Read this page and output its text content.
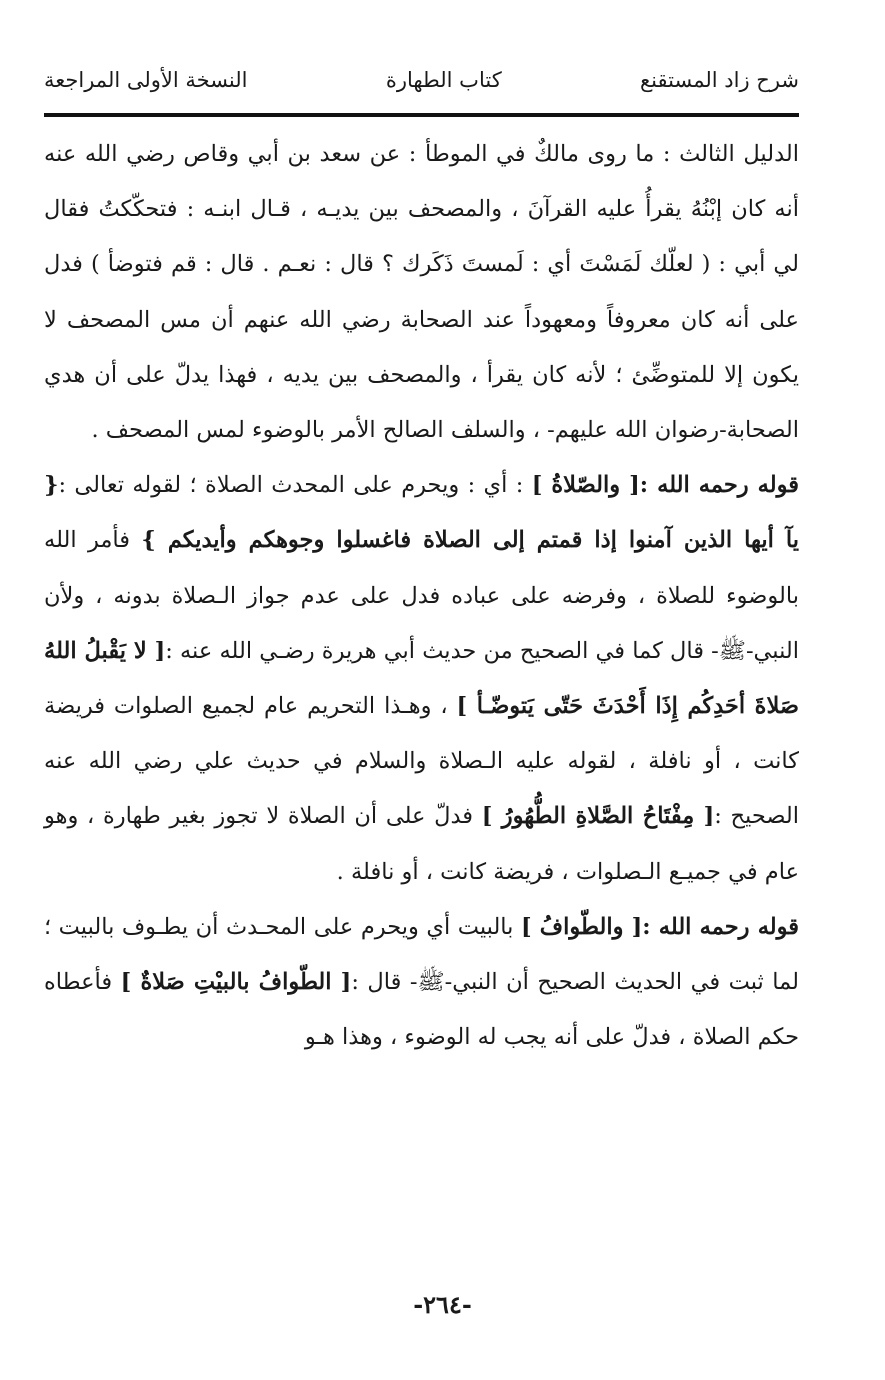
شرح زاد المستقنع
كتاب الطهارة
النسخة الأولى المراجعة

الدليل الثالث : ما روى مالكٌ في الموطأ : عن سعد بن أبي وقاص رضي الله عنه أنه كان إبْنُهُ يقرأُ عليه القرآنَ ، والمصحف بين يديـه ، قـال ابنـه : فتحكّكتُ فقال لي أبي : ( لعلّك لَمَسْتَ أي : لَمستَ ذَكَرك ؟ قال : نعـم . قال : قم فتوضأ ) فدل على أنه كان معروفاً ومعهوداً عند الصحابة رضي الله عنهم أن مس المصحف لا يكون إلا للمتوضِّئ ؛ لأنه كان يقرأ ، والمصحف بين يديه ، فهذا يدلّ على أن هدي الصحابة-رضوان الله عليهم- ، والسلف الصالح الأمر بالوضوء لمس المصحف .

قوله رحمه الله :[ والصّلاةُ ] : أي : ويحرم على المحدث الصلاة ؛ لقوله تعالى :{ يآ أيها الذين آمنوا إذا قمتم إلى الصلاة فاغسلوا وجوهكم وأيديكم } فأمر الله بالوضوء للصلاة ، وفرضه على عباده فدل على عدم جواز الـصلاة بدونه ، ولأن النبي-ﷺ- قال كما في الصحيح من حديث أبي هريرة رضـي الله عنه :[ لا يَقْبلُ اللهُ صَلاةَ أحَدِكُم إِذَا أَحْدَثَ حَتّى يَتوضّـأ ] ، وهـذا التحريم عام لجميع الصلوات فريضة كانت ، أو نافلة ، لقوله عليه الـصلاة والسلام في حديث علي رضي الله عنه الصحيح :[ مِفْتَاحُ الصَّلاةِ الطُّهُورُ ] فدلّ على أن الصلاة لا تجوز بغير طهارة ، وهو عام في جميـع الـصلوات ، فريضة كانت ، أو نافلة .

قوله رحمه الله :[ والطّوافُ ] بالبيت أي ويحرم على المحـدث أن يطـوف بالبيت ؛ لما ثبت في الحديث الصحيح أن النبي-ﷺ- قال :[ الطّوافُ بالبيْتِ صَلاةٌ ] فأعطاه حكم الصلاة ، فدلّ على أنه يجب له الوضوء ، وهذا هـو

-٢٦٤-
